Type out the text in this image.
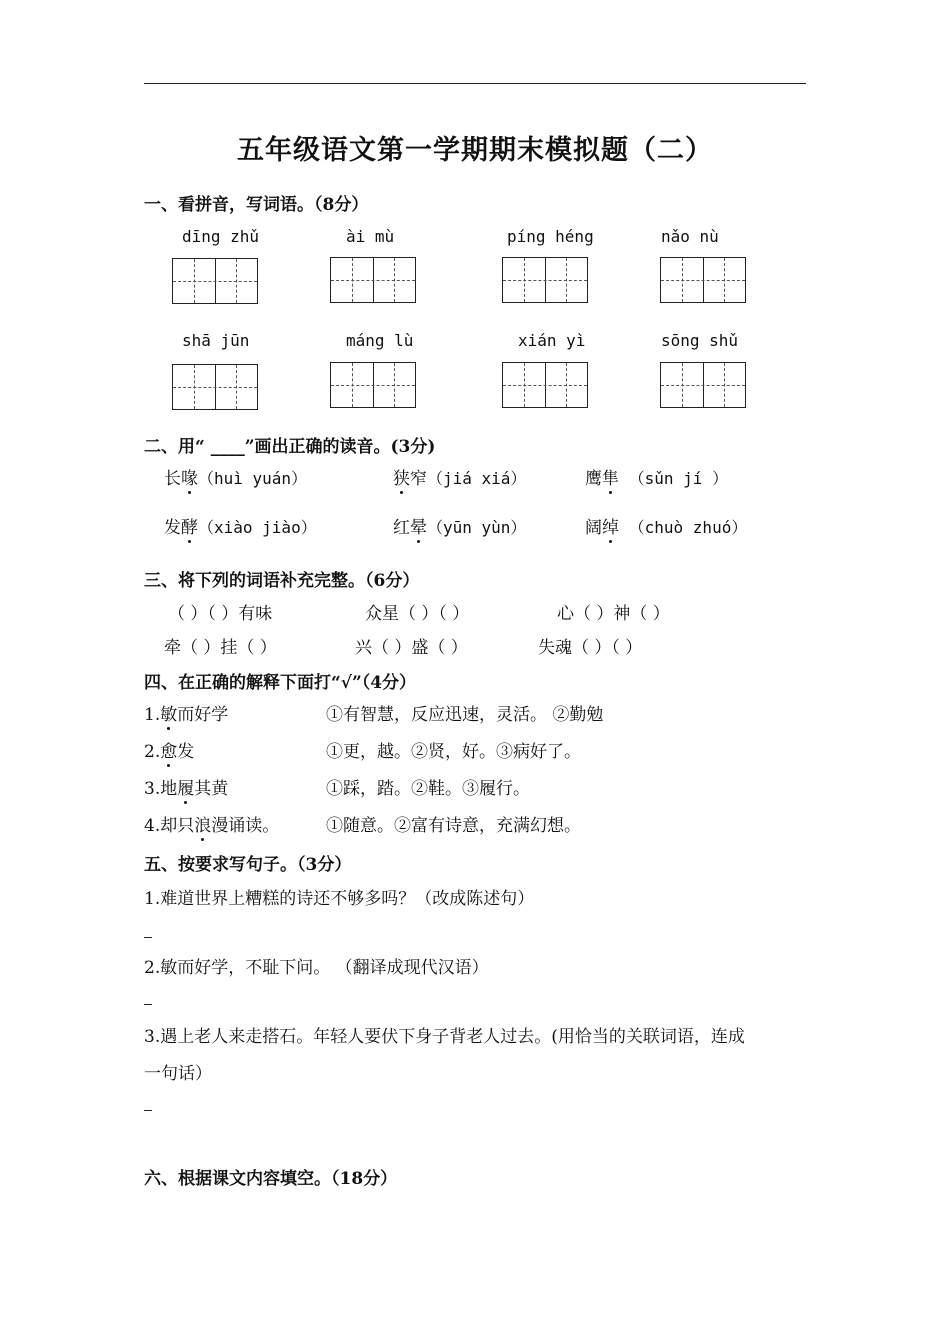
五年级语文第一学期期末模拟题（二）
一、看拼音，写词语。（8分）
dīng zhǔ	ài mù	píng héng	nǎo nù
shā jūn	máng lù	xián yì	sōng shǔ
二、用“ ____”画出正确的读音。(3分)
长喙（huì yuán）	狭窄（jiá xiá）	鹰隼 （sǔn jí ）
发酵（xiào jiào）	红晕（yūn yùn）	阔绰 （chuò zhuó）
三、将下列的词语补充完整。（6分）
（ ）（ ）有味	众星（ ）（ ）	心（ ）神（ ）
牵（ ）挂（ ）	兴（ ）盛（ ）	失魂（ ）（ ）
四、在正确的解释下面打“√”（4分）
1.敏而好学	①有智慧，反应迅速，灵活。 ②勤勉
2.愈发	①更，越。②贤，好。③病好了。
3.地履其黄	①踩，踏。②鞋。③履行。
4.却只浪漫诵读。	①随意。②富有诗意，充满幻想。
五、按要求写句子。（3分）
1.难道世界上糟糕的诗还不够多吗？（改成陈述句）
2.敏而好学，不耻下问。 （翻译成现代汉语）
3.遇上老人来走搭石。年轻人要伏下身子背老人过去。(用恰当的关联词语，连成
一句话）
六、根据课文内容填空。（18分）
